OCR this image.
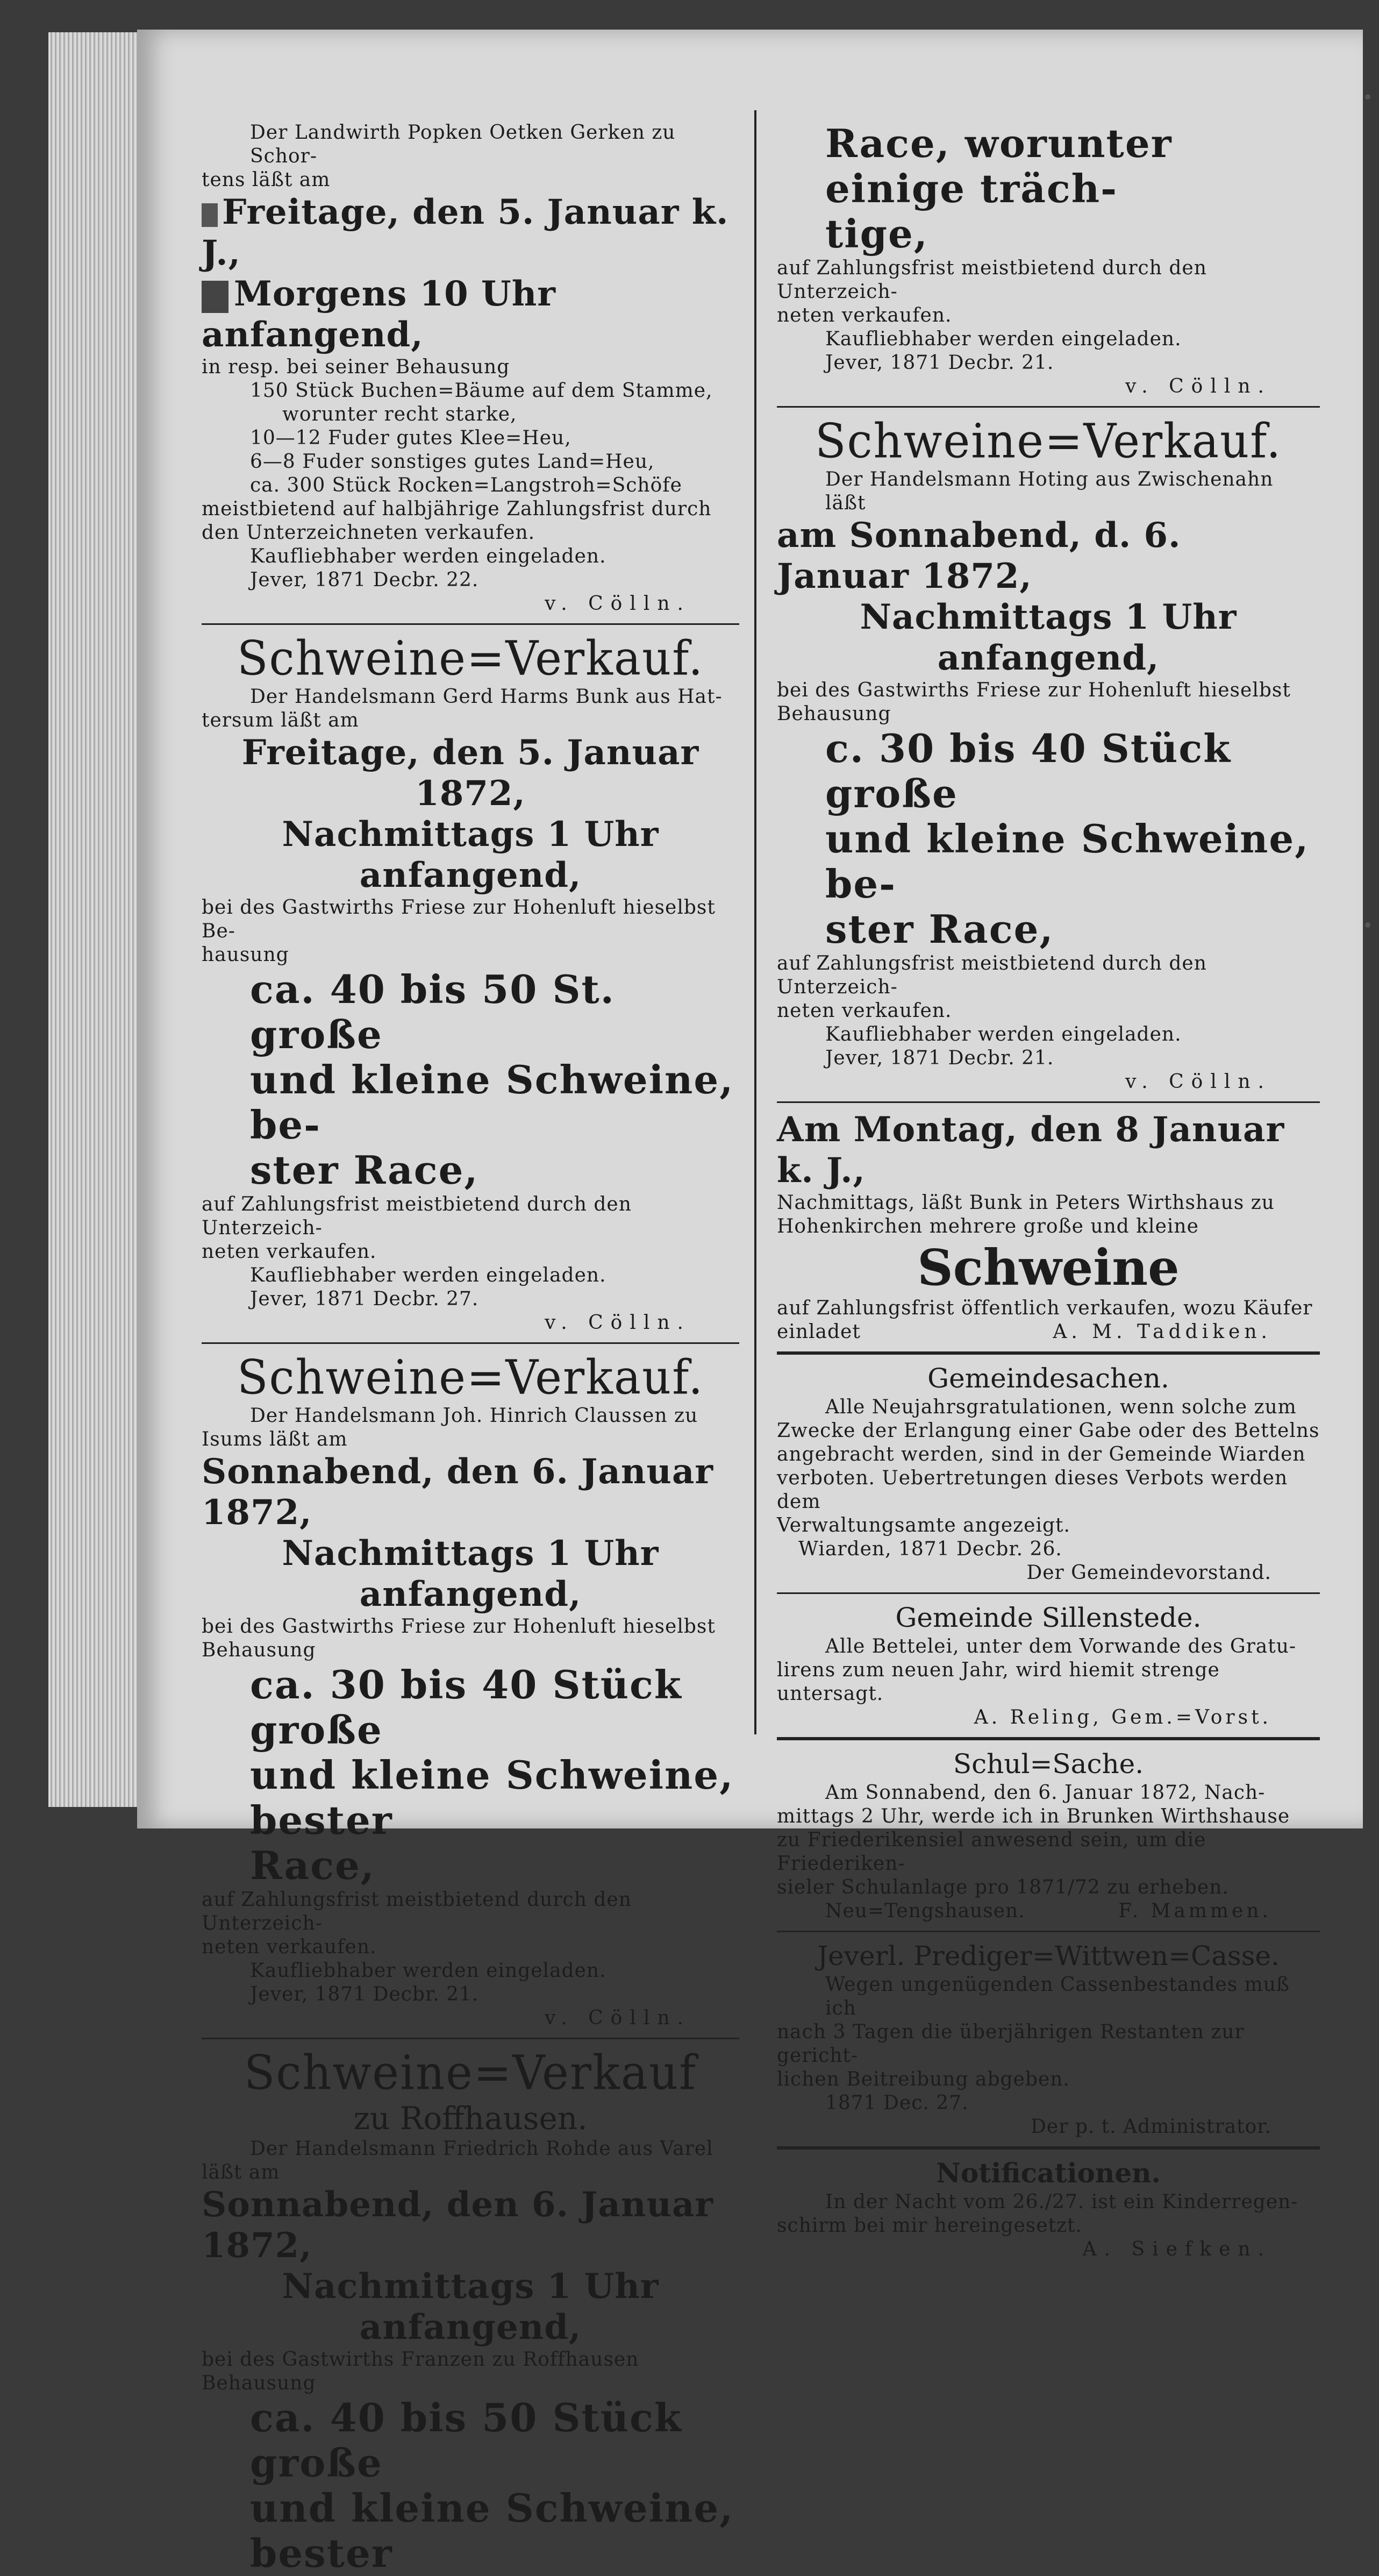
Der Landwirth Popken Oetken Gerken zu Schor-
tens läßt am
Freitage, den 5. Januar k. J.,
Morgens 10 Uhr anfangend,
in resp. bei seiner Behausung
150 Stück Buchen=Bäume auf dem Stamme,
worunter recht starke,
10—12 Fuder gutes Klee=Heu,
6—8 Fuder sonstiges gutes Land=Heu,
ca. 300 Stück Rocken=Langstroh=Schöfe
meistbietend auf halbjährige Zahlungsfrist durch
den Unterzeichneten verkaufen.
Kaufliebhaber werden eingeladen.
Jever, 1871 Decbr. 22.
v. Cölln.
Schweine=Verkauf.
Der Handelsmann Gerd Harms Bunk aus Hat-
tersum läßt am
Freitage, den 5. Januar 1872,
Nachmittags 1 Uhr anfangend,
bei des Gastwirths Friese zur Hohenluft hieselbst Be-
hausung
ca. 40 bis 50 St. große
und kleine Schweine, be-
ster Race,
auf Zahlungsfrist meistbietend durch den Unterzeich-
neten verkaufen.
Kaufliebhaber werden eingeladen.
Jever, 1871 Decbr. 27.
v. Cölln.
Schweine=Verkauf.
Der Handelsmann Joh. Hinrich Claussen zu
Isums läßt am
Sonnabend, den 6. Januar 1872,
Nachmittags 1 Uhr anfangend,
bei des Gastwirths Friese zur Hohenluft hieselbst
Behausung
ca. 30 bis 40 Stück große
und kleine Schweine, bester
Race,
auf Zahlungsfrist meistbietend durch den Unterzeich-
neten verkaufen.
Kaufliebhaber werden eingeladen.
Jever, 1871 Decbr. 21.
v. Cölln.
Schweine=Verkauf
zu Roffhausen.
Der Handelsmann Friedrich Rohde aus Varel
läßt am
Sonnabend, den 6. Januar 1872,
Nachmittags 1 Uhr anfangend,
bei des Gastwirths Franzen zu Roffhausen
Behausung
ca. 40 bis 50 Stück große
und kleine Schweine, bester
Race, worunter einige träch-
tige,
auf Zahlungsfrist meistbietend durch den Unterzeich-
neten verkaufen.
Kaufliebhaber werden eingeladen.
Jever, 1871 Decbr. 21.
v. Cölln.
Schweine=Verkauf.
Der Handelsmann Hoting aus Zwischenahn läßt
am Sonnabend, d. 6. Januar 1872,
Nachmittags 1 Uhr anfangend,
bei des Gastwirths Friese zur Hohenluft hieselbst
Behausung
c. 30 bis 40 Stück große
und kleine Schweine, be-
ster Race,
auf Zahlungsfrist meistbietend durch den Unterzeich-
neten verkaufen.
Kaufliebhaber werden eingeladen.
Jever, 1871 Decbr. 21.
v. Cölln.
Am Montag, den 8 Januar k. J.,
Nachmittags, läßt Bunk in Peters Wirthshaus zu
Hohenkirchen mehrere große und kleine
Schweine
auf Zahlungsfrist öffentlich verkaufen, wozu Käufer
einladet	A. M. Taddiken.
Gemeindesachen.
Alle Neujahrsgratulationen, wenn solche zum
Zwecke der Erlangung einer Gabe oder des Bettelns
angebracht werden, sind in der Gemeinde Wiarden
verboten. Uebertretungen dieses Verbots werden dem
Verwaltungsamte angezeigt.
Wiarden, 1871 Decbr. 26.
Der Gemeindevorstand.
Gemeinde Sillenstede.
Alle Betteleі, unter dem Vorwande des Gratu-
lirens zum neuen Jahr, wird hiemit strenge untersagt.
A. Reling, Gem.=Vorst.
Schul=Sache.
Am Sonnabend, den 6. Januar 1872, Nach-
mittags 2 Uhr, werde ich in Brunken Wirthshause
zu Friederikensiel anwesend sein, um die Friederiken-
sieler Schulanlage pro 1871/72 zu erheben.
Neu=Tengshausen.	F. Mammen.
Jeverl. Prediger=Wittwen=Casse.
Wegen ungenügenden Cassenbestandes muß ich
nach 3 Tagen die überjährigen Restanten zur gericht-
lichen Beitreibung abgeben.
1871 Dec. 27.
Der p. t. Administrator.
Notificationen.
In der Nacht vom 26./27. ist ein Kinderregen-
schirm bei mir hereingesetzt.
A. Siefken.
